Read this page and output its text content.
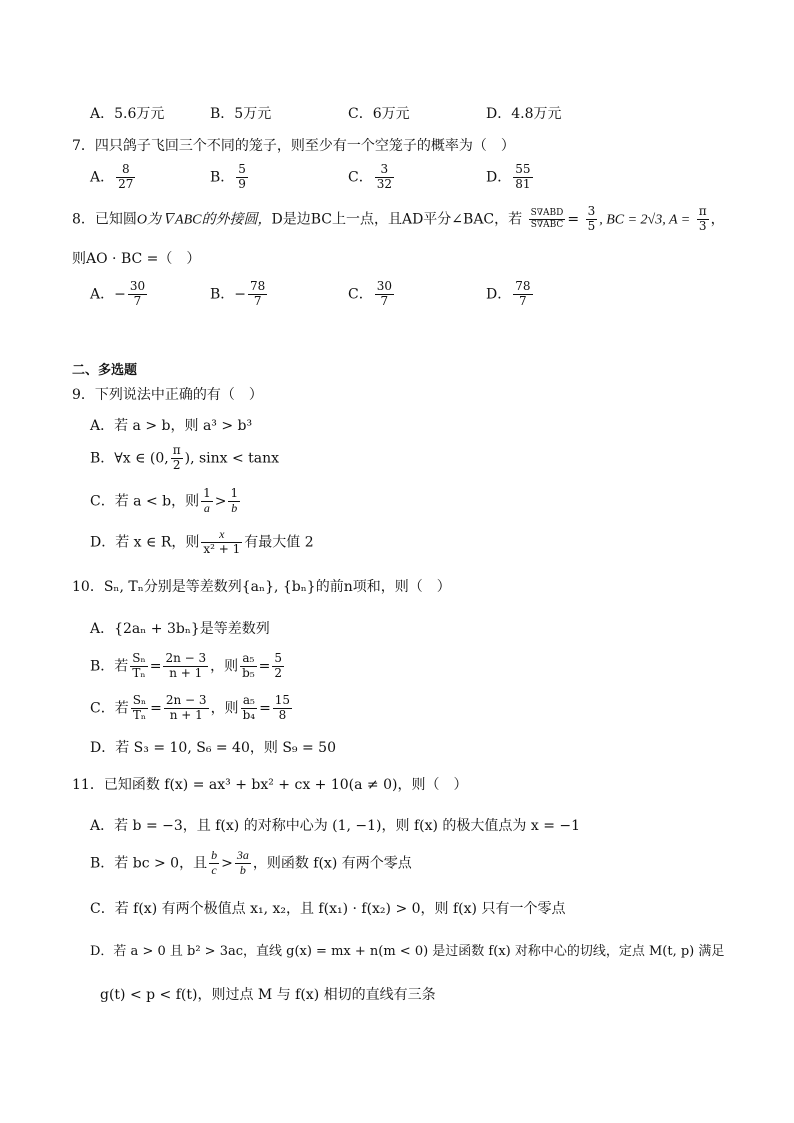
A．5.6万元	B．5万元	C．6万元	D．4.8万元
7．四只鸽子飞回三个不同的笼子，则至少有一个空笼子的概率为（　）
A． $\frac{8}{27}$	B． $\frac{5}{9}$	C． $\frac{3}{32}$	D． $\frac{55}{81}$
8．已知圆O为∇ABC的外接圆，D是边BC上一点，且AD平分∠BAC，若 $\frac{\text{S∇ABD}}{\text{S∇ABC}} = \frac{3}{5}$ , BC = 2√3, $A = \frac{\pi}{3}$ ，
则AO · BC =（　）
A．− $\frac{30}{7}$	B．− $\frac{78}{7}$	C． $\frac{30}{7}$	D． $\frac{78}{7}$
二、多选题
9．下列说法中正确的有（　）
A．若 a > b，则 a³ > b³
B．∀x ∈ (0, $\frac{\pi}{2}$ ), sinx < tanx
C．若 a < b，则 $\frac{1}{a} > \frac{1}{b}$
D．若 x ∈ R，则 $\frac{x}{\text{x² + 1}}$ 有最大值 2
10．Sₙ, Tₙ分别是等差数列{aₙ}, {bₙ}的前n项和，则（　）
A．{2aₙ + 3bₙ}是等差数列
B．若 $\frac{\text{Sₙ}}{\text{Tₙ}} = \frac{2n - 3}{n + 1}$ ，则 $\frac{\text{a₅}}{\text{b₅}} = \frac{5}{2}$
C．若 $\frac{\text{Sₙ}}{\text{Tₙ}} = \frac{2n - 3}{n + 1}$ ，则 $\frac{\text{a₅}}{\text{b₄}} = \frac{15}{8}$
D．若 S₃ = 10, S₆ = 40，则 S₉ = 50
11．已知函数 f(x) = ax³ + bx² + cx + 10(a ≠ 0)，则（　）
A．若 b = −3，且 f(x) 的对称中心为 (1, −1)，则 f(x) 的极大值点为 x = −1
B．若 bc > 0，且 $\frac{b}{c} > \frac{3a}{b}$ ，则函数 f(x) 有两个零点
C．若 f(x) 有两个极值点 x₁, x₂，且 f(x₁) · f(x₂) > 0，则 f(x) 只有一个零点
D．若 a > 0 且 b² > 3ac，直线 g(x) = mx + n(m < 0) 是过函数 f(x) 对称中心的切线，定点 M(t, p) 满足
g(t) < p < f(t)，则过点 M 与 f(x) 相切的直线有三条
